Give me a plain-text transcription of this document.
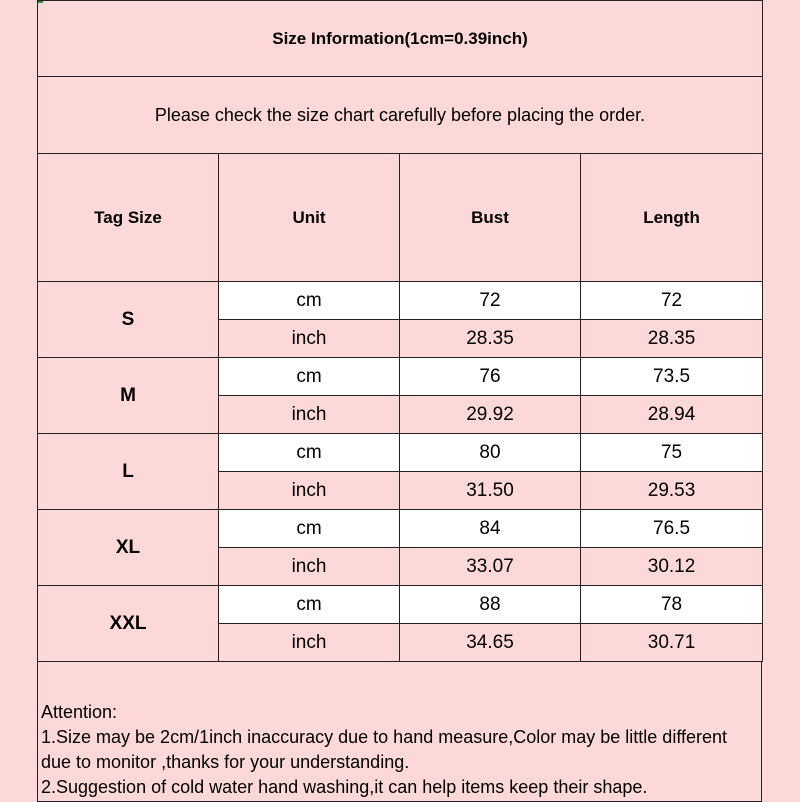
Size Information(1cm=0.39inch)			
Please check the size chart carefully before placing the order.			
Tag Size	Unit	Bust	Length
S	cm	72	72
	inch	28.35	28.35
M	cm	76	73.5
	inch	29.92	28.94
L	cm	80	75
	inch	31.50	29.53
XL	cm	84	76.5
	inch	33.07	30.12
XXL	cm	88	78
	inch	34.65	30.71

Attention:

1.Size may be 2cm/1inch inaccuracy due to hand measure,Color may be little different due to monitor ,thanks for your understanding.

2.Suggestion of cold water hand washing,it can help items keep their shape.
